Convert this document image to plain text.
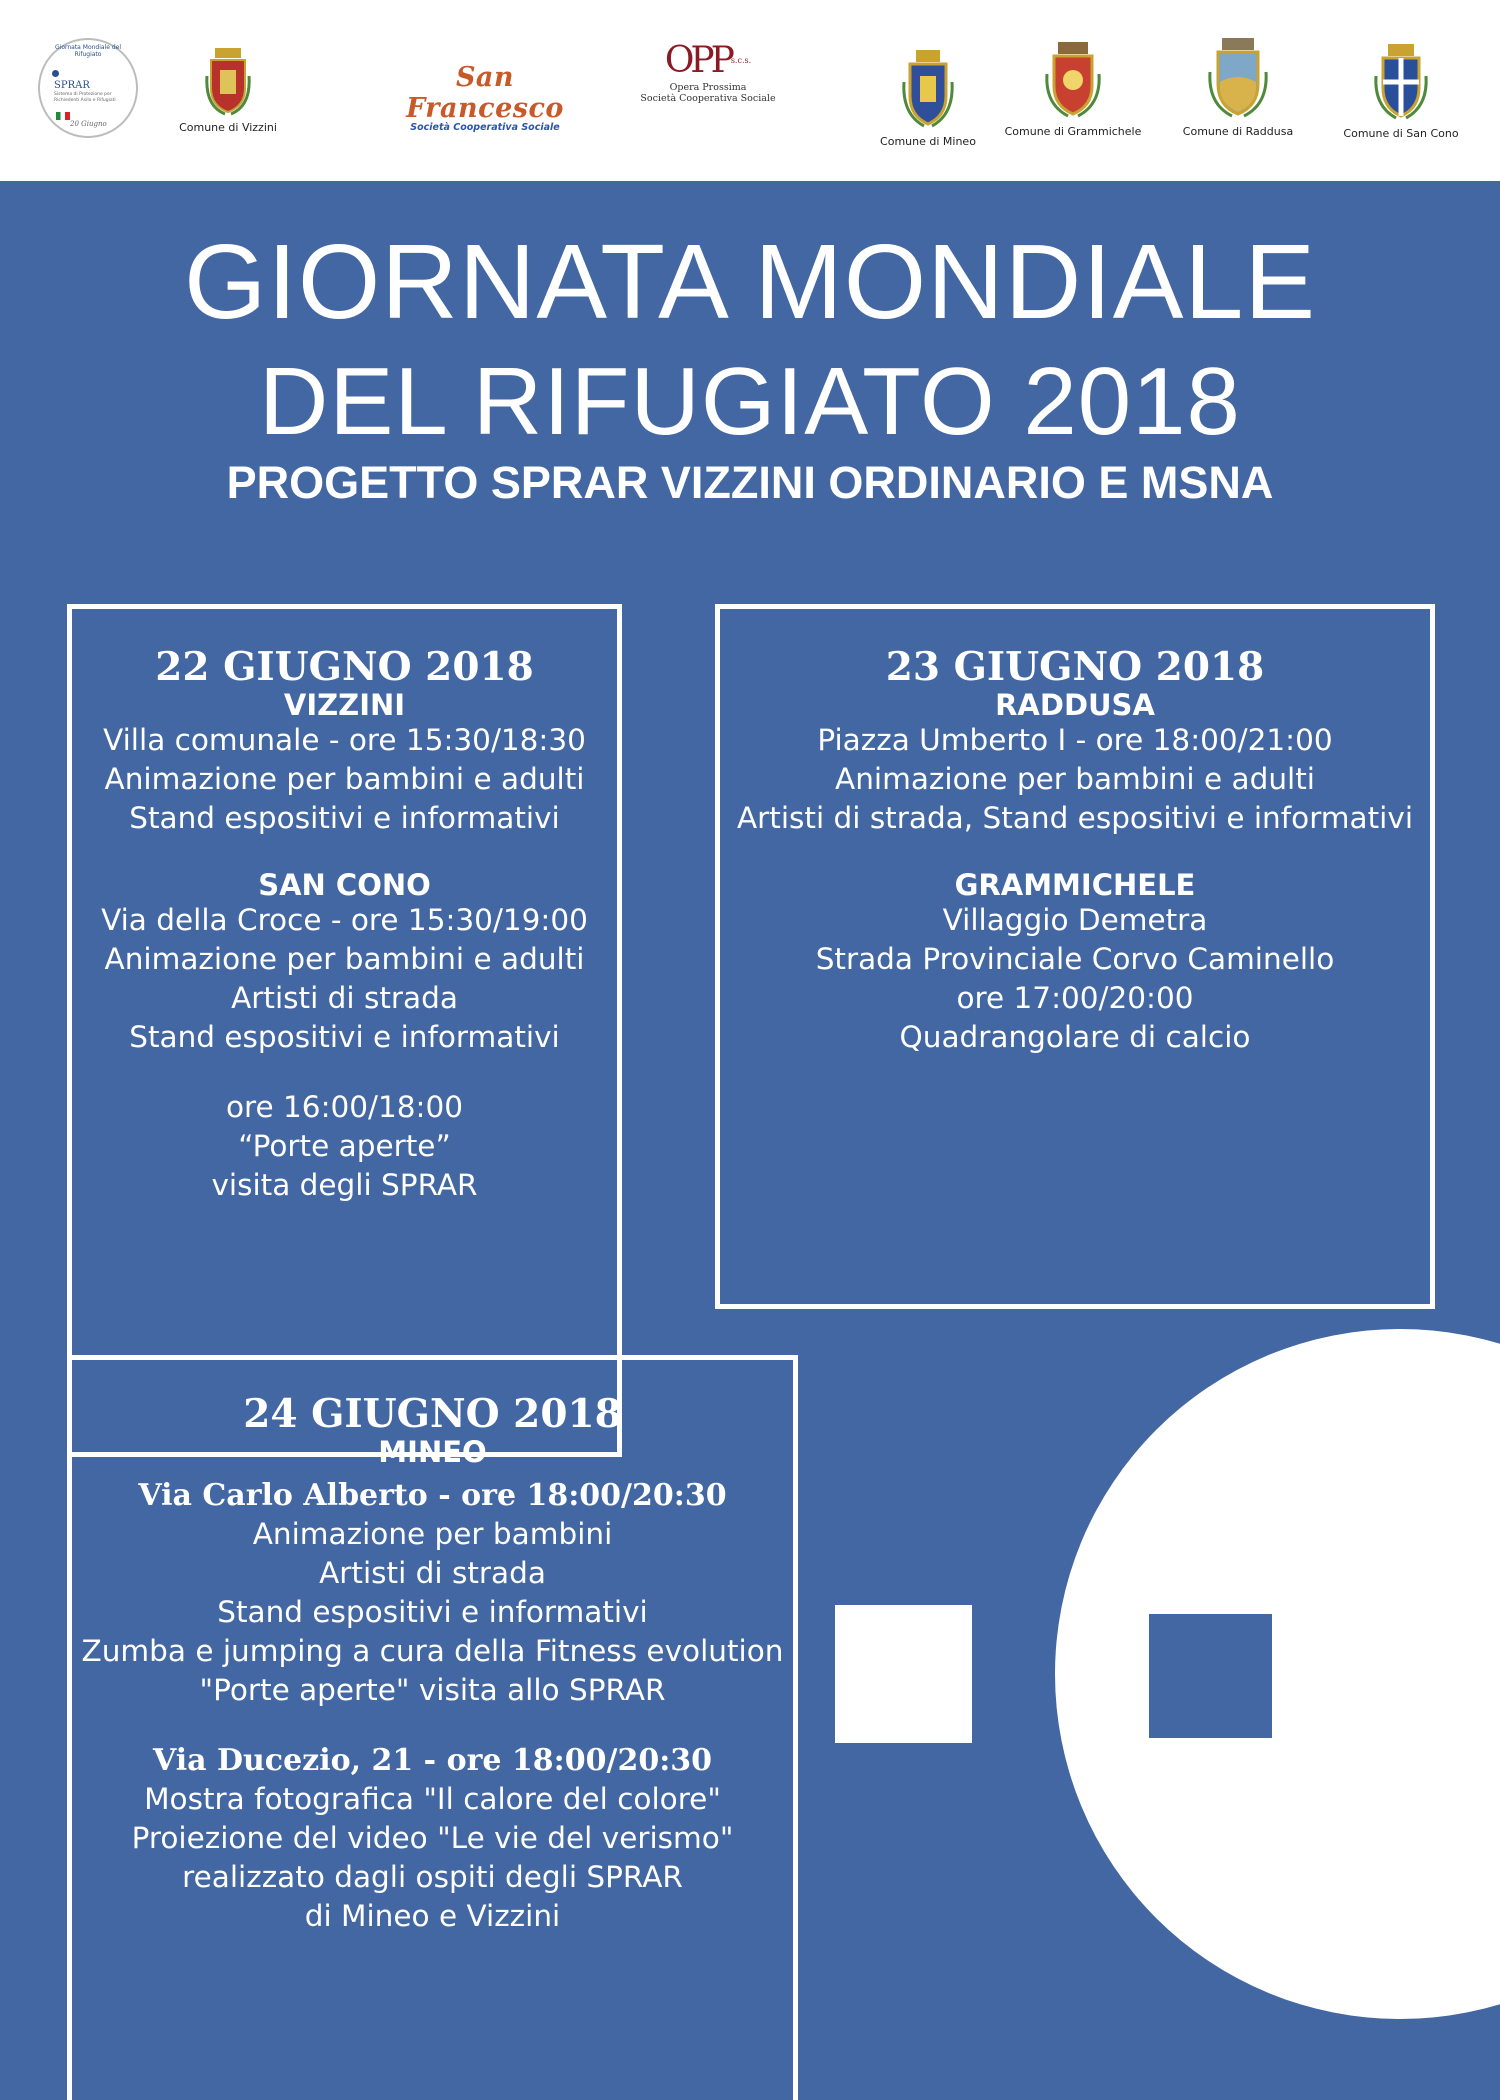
Giornata Mondiale del Rifugiato
SPRAR
Sistema di Protezione per Richiedenti Asilo e Rifugiati
20 Giugno	Comune di Vizzini
San Francesco
Società Cooperativa Sociale
$OPP^{s.c.s.}$
Opera Prossima
Società Cooperativa Sociale
Comune di Mineo
Comune di Grammichele	Comune di Raddusa	Comune di San Cono
GIORNATA MONDIALE
DEL RIFUGIATO 2018
PROGETTO SPRAR VIZZINI ORDINARIO E MSNA
22 GIUGNO 2018
VIZZINI
Villa comunale - ore 15:30/18:30
Animazione per bambini e adulti
Stand espositivi e informativi
SAN CONO
Via della Croce - ore 15:30/19:00
Animazione per bambini e adulti
Artisti di strada
Stand espositivi e informativi
ore 16:00/18:00
“Porte aperte”
visita degli SPRAR
23 GIUGNO 2018
RADDUSA
Piazza Umberto I - ore 18:00/21:00
Animazione per bambini e adulti
Artisti di strada, Stand espositivi e informativi
GRAMMICHELE
Villaggio Demetra
Strada Provinciale Corvo Caminello
ore 17:00/20:00
Quadrangolare di calcio
24 GIUGNO 2018
MINEO
Via Carlo Alberto - ore 18:00/20:30
Animazione per bambini
Artisti di strada
Stand espositivi e informativi
Zumba e jumping a cura della Fitness evolution
"Porte aperte" visita allo SPRAR
Via Ducezio, 21 - ore 18:00/20:30
Mostra fotografica "Il calore del colore"
Proiezione del video "Le vie del verismo"
realizzato dagli ospiti degli SPRAR
di Mineo e Vizzini
